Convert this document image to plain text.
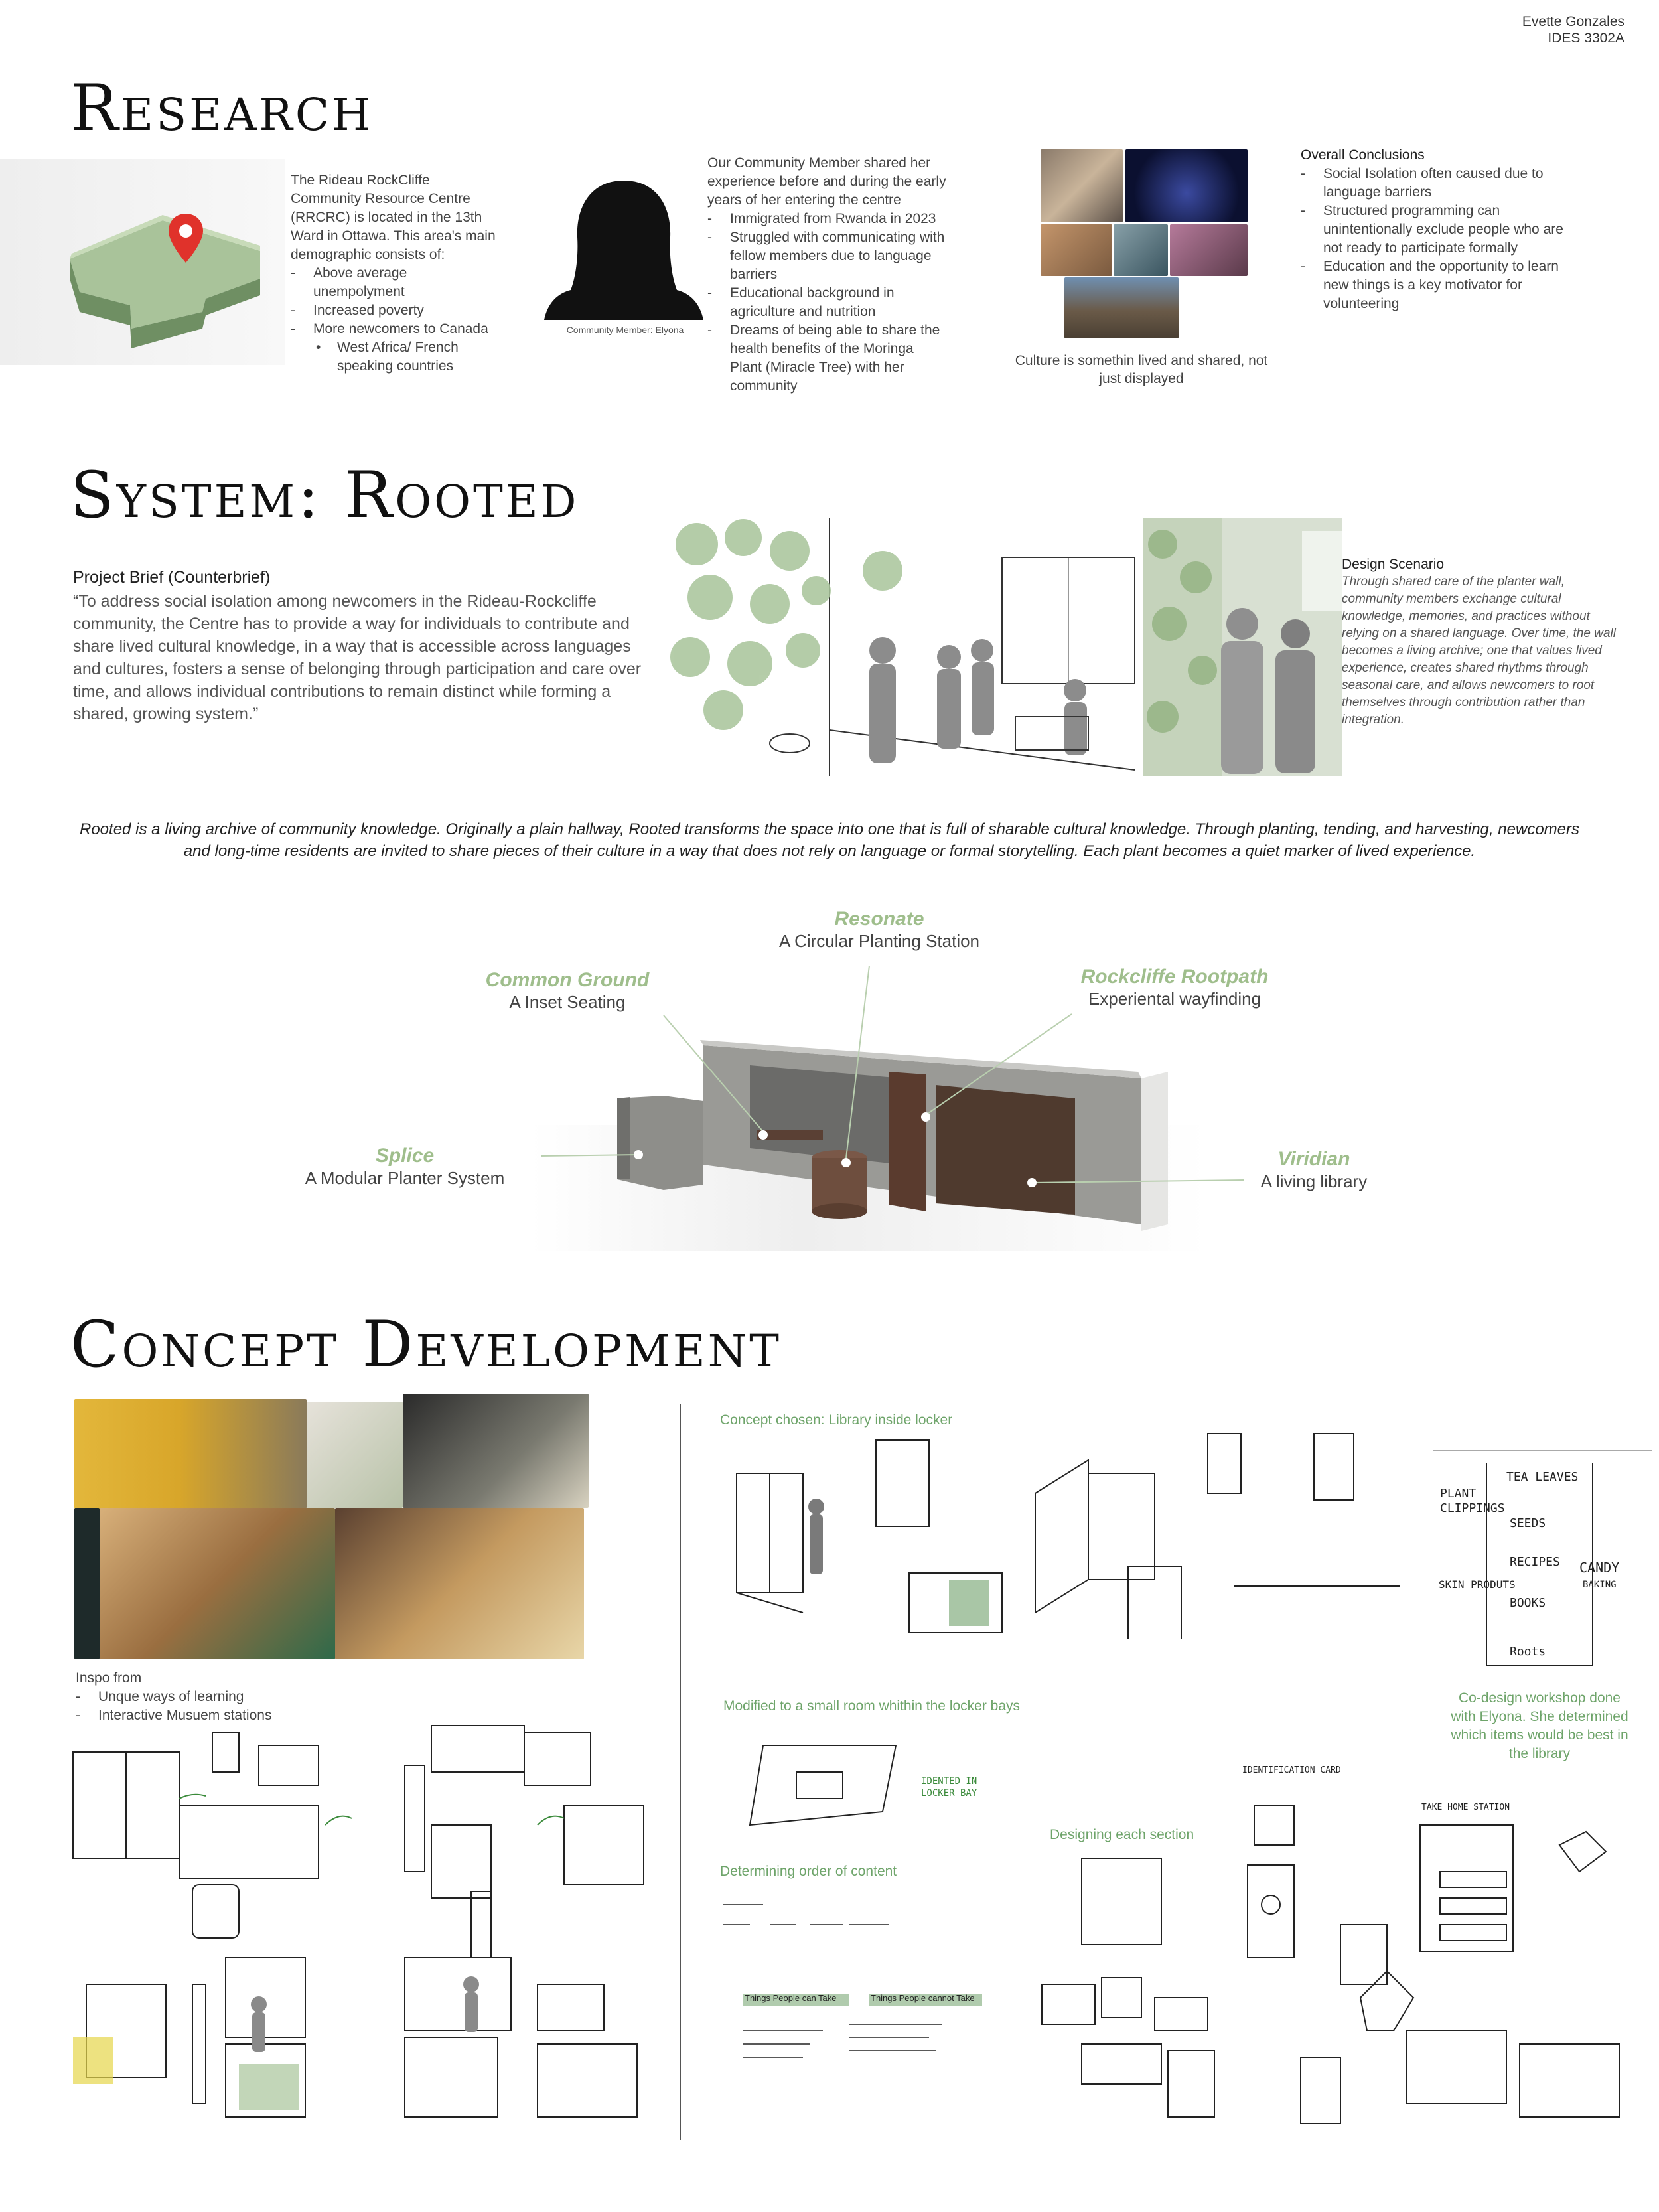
Evette Gonzales
IDES 3302A
Research
The Rideau RockCliffe Community Resource Centre (RRCRC) is located in the 13th Ward in Ottawa. This area's main demographic consists of:
- Above average unempolyment
- Increased poverty
- More newcomers to Canada
• West Africa/ French speaking countries
Community Member: Elyona
Our Community Member shared her experience before and during the early years of her entering the centre
- Immigrated from Rwanda in 2023
- Struggled with communicating with fellow members due to language barriers
- Educational background in agriculture and nutrition
- Dreams of being able to share the health benefits of the Moringa Plant (Miracle Tree) with her community
Culture is somethin lived and shared, not just displayed
Overall Conclusions
- Social Isolation often caused due to language barriers
- Structured programming can unintentionally exclude people who are not ready to participate formally
- Education and the opportunity to learn new things is a key motivator for volunteering
System: Rooted
Project Brief (Counterbrief)
“To address social isolation among newcomers in the Rideau-Rockcliffe community, the Centre has to provide a way for individuals to contribute and share lived cultural knowledge, in a way that is accessible across languages and cultures, fosters a sense of belonging through participation and care over time, and allows individual contributions to remain distinct while forming a shared, growing system.”
Design Scenario
Through shared care of the planter wall, community members exchange cultural knowledge, memories, and practices without relying on a shared language. Over time, the wall becomes a living archive; one that values lived experience, creates shared rhythms through seasonal care, and allows newcomers to root themselves through contribution rather than integration.
Rooted is a living archive of community knowledge. Originally a plain hallway, Rooted transforms the space into one that is full of sharable cultural knowledge. Through planting, tending, and harvesting, newcomers and long-time residents are invited to share pieces of their culture in a way that does not rely on language or formal storytelling. Each plant becomes a quiet marker of lived experience.
Resonate
A Circular Planting Station
Common Ground
A Inset Seating
Rockcliffe Rootpath
Experiental wayfinding
Splice
A Modular Planter System
Viridian
A living library
Concept Development
Inspo from
- Unque ways of learning
- Interactive Musuem stations
Concept chosen: Library inside locker
TEA LEAVES
PLANT CLIPPINGS
SEEDS
RECIPES
SKIN PRODUTS
BOOKS
CANDY
BAKING
Roots
Co-design workshop done with Elyona. She determined which items would be best in the library
Modified to a small room whithin the locker bays
IDENTED IN LOCKER BAY
Determining order of content
Things People can Take	Things People cannot Take
Designing each section
IDENTIFICATION CARD
TAKE HOME STATION
